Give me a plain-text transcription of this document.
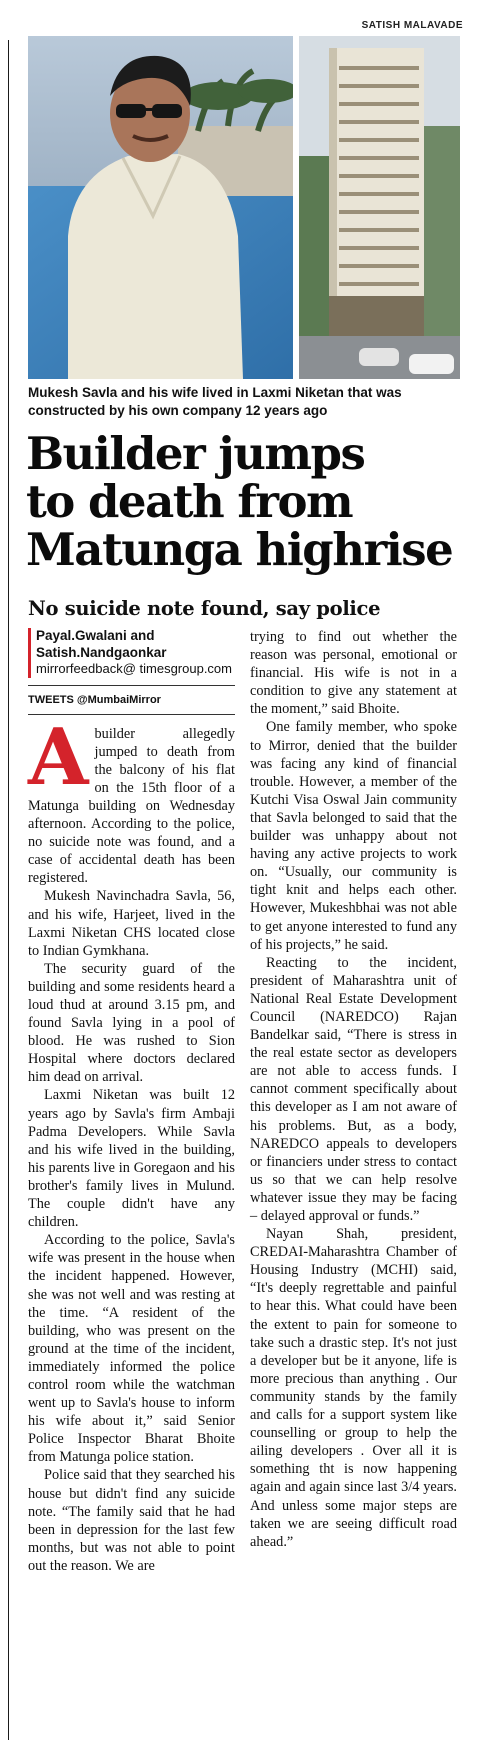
SATISH MALAVADE
Mukesh Savla and his wife lived in Laxmi Niketan that was constructed by his own company 12 years ago
Builder jumps
to death from
Matunga highrise
No suicide note found, say police
Payal.Gwalani and Satish.Nandgaonkar
mirrorfeedback@ timesgroup.com
TWEETS @MumbaiMirror

Abuilder allegedly jumped to death from the balcony of his flat on the 15th floor of a Matunga building on Wednesday afternoon. According to the police, no suicide note was found, and a case of accidental death has been registered.

Mukesh Navinchadra Savla, 56, and his wife, Harjeet, lived in the Laxmi Niketan CHS located close to Indian Gymkhana.

The security guard of the building and some residents heard a loud thud at around 3.15 pm, and found Savla lying in a pool of blood. He was rushed to Sion Hospital where doctors declared him dead on arrival.

Laxmi Niketan was built 12 years ago by Savla's firm Ambaji Padma Developers. While Savla and his wife lived in the building, his parents live in Goregaon and his brother's family lives in Mulund. The couple didn't have any children.

According to the police, Savla's wife was present in the house when the incident happened. However, she was not well and was resting at the time. “A resident of the building, who was present on the ground at the time of the incident, immediately informed the police control room while the watchman went up to Savla's house to inform his wife about it,” said Senior Police Inspector Bharat Bhoite from Matunga police station.

Police said that they searched his house but didn't find any suicide note. “The family said that he had been in depression for the last few months, but was not able to point out the reason. We are

trying to find out whether the reason was personal, emotional or financial. His wife is not in a condition to give any statement at the moment,” said Bhoite.

One family member, who spoke to Mirror, denied that the builder was facing any kind of financial trouble. However, a member of the Kutchi Visa Oswal Jain community that Savla belonged to said that the builder was unhappy about not having any active projects to work on. “Usually, our community is tight knit and helps each other. However, Mukeshbhai was not able to get anyone interested to fund any of his projects,” he said.

Reacting to the incident, president of Maharashtra unit of National Real Estate Development Council (NAREDCO) Rajan Bandelkar said, “There is stress in the real estate sector as developers are not able to access funds. I cannot comment specifically about this developer as I am not aware of his problems. But, as a body, NAREDCO appeals to developers or financiers under stress to contact us so that we can help resolve whatever issue they may be facing – delayed approval or funds.”

Nayan Shah, president, CREDAI-Maharashtra Chamber of Housing Industry (MCHI) said, “It's deeply regrettable and painful to hear this. What could have been the extent to pain for someone to take such a drastic step. It's not just a developer but be it anyone, life is more precious than anything . Our community stands by the family and calls for a support system like counselling or group to help the ailing developers . Over all it is something tht is now happening again and again since last 3/4 years. And unless some major steps are taken we are seeing difficult road ahead.”
